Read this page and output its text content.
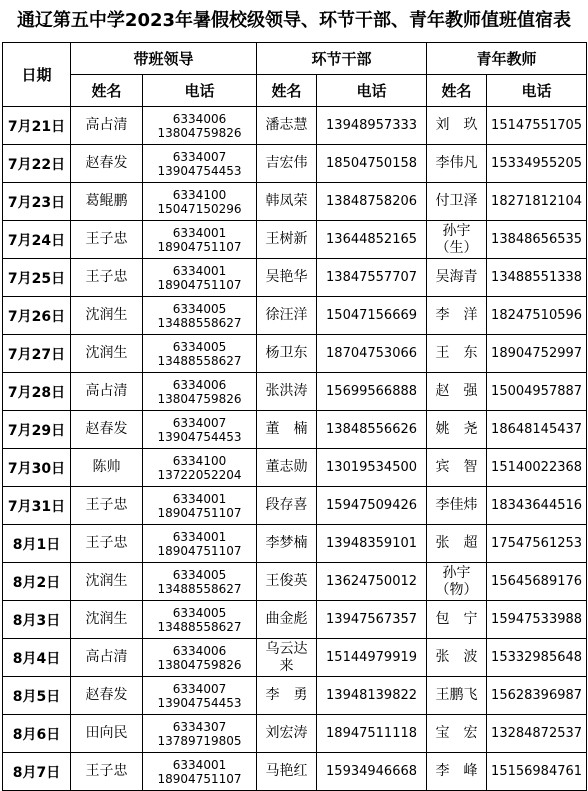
通辽第五中学2023年暑假校级领导、环节干部、青年教师值班值宿表
日期	带班领导		环节干部		青年教师	
	姓名	电话	姓名	电话	姓名	电话
7月21日	高占清	6334006
13804759826	潘志慧	13948957333	刘　玖	15147551705
7月22日	赵春发	6334007
13904754453	吉宏伟	18504750158	李伟凡	15334955205
7月23日	葛鲲鹏	6334100
15047150296	韩凤荣	13848758206	付卫泽	18271812104
7月24日	王子忠	6334001
18904751107	王树新	13644852165	孙宇
（生）	13848656535
7月25日	王子忠	6334001
18904751107	吴艳华	13847557707	吴海青	13488551338
7月26日	沈润生	6334005
13488558627	徐汪洋	15047156669	李　洋	18247510596
7月27日	沈润生	6334005
13488558627	杨卫东	18704753066	王　东	18904752997
7月28日	高占清	6334006
13804759826	张洪涛	15699566888	赵　强	15004957887
7月29日	赵春发	6334007
13904754453	董　楠	13848556626	姚　尧	18648145437
7月30日	陈帅	6334100
13722052204	董志勋	13019534500	宾　智	15140022368
7月31日	王子忠	6334001
18904751107	段存喜	15947509426	李佳炜	18343644516
8月1日	王子忠	6334001
18904751107	李梦楠	13948359101	张　超	17547561253
8月2日	沈润生	6334005
13488558627	王俊英	13624750012	孙宇
（物）	15645689176
8月3日	沈润生	6334005
13488558627	曲金彪	13947567357	包　宁	15947533988
8月4日	高占清	6334006
13804759826	乌云达
来	15144979919	张　波	15332985648
8月5日	赵春发	6334007
13904754453	李　勇	13948139822	王鹏飞	15628396987
8月6日	田向民	6334307
13789719805	刘宏涛	18947511118	宝　宏	13284872537
8月7日	王子忠	6334001
18904751107	马艳红	15934946668	李　峰	15156984761
